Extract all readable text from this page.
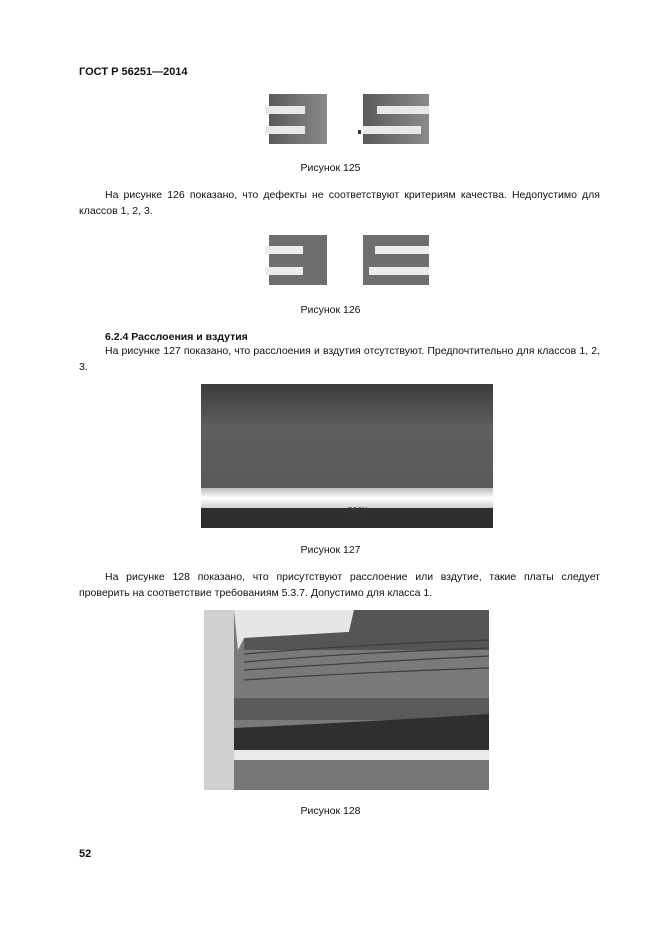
ГОСТ Р 56251—2014
Рисунок 125
На рисунке 126 показано, что дефекты не соответствуют критериям качества. Недопустимо для классов 1, 2, 3.
Рисунок 126
6.2.4 Расслоения и вздутия
На рисунке 127 показано, что расслоения и вздутия отсутствуют. Предпочтительно для классов 1, 2, 3.
>200X
Рисунок 127
На рисунке 128 показано, что присутствуют расслоение или вздутие, такие платы следует проверить на соответствие требованиям 5.3.7. Допустимо для класса 1.
Рисунок 128
52
